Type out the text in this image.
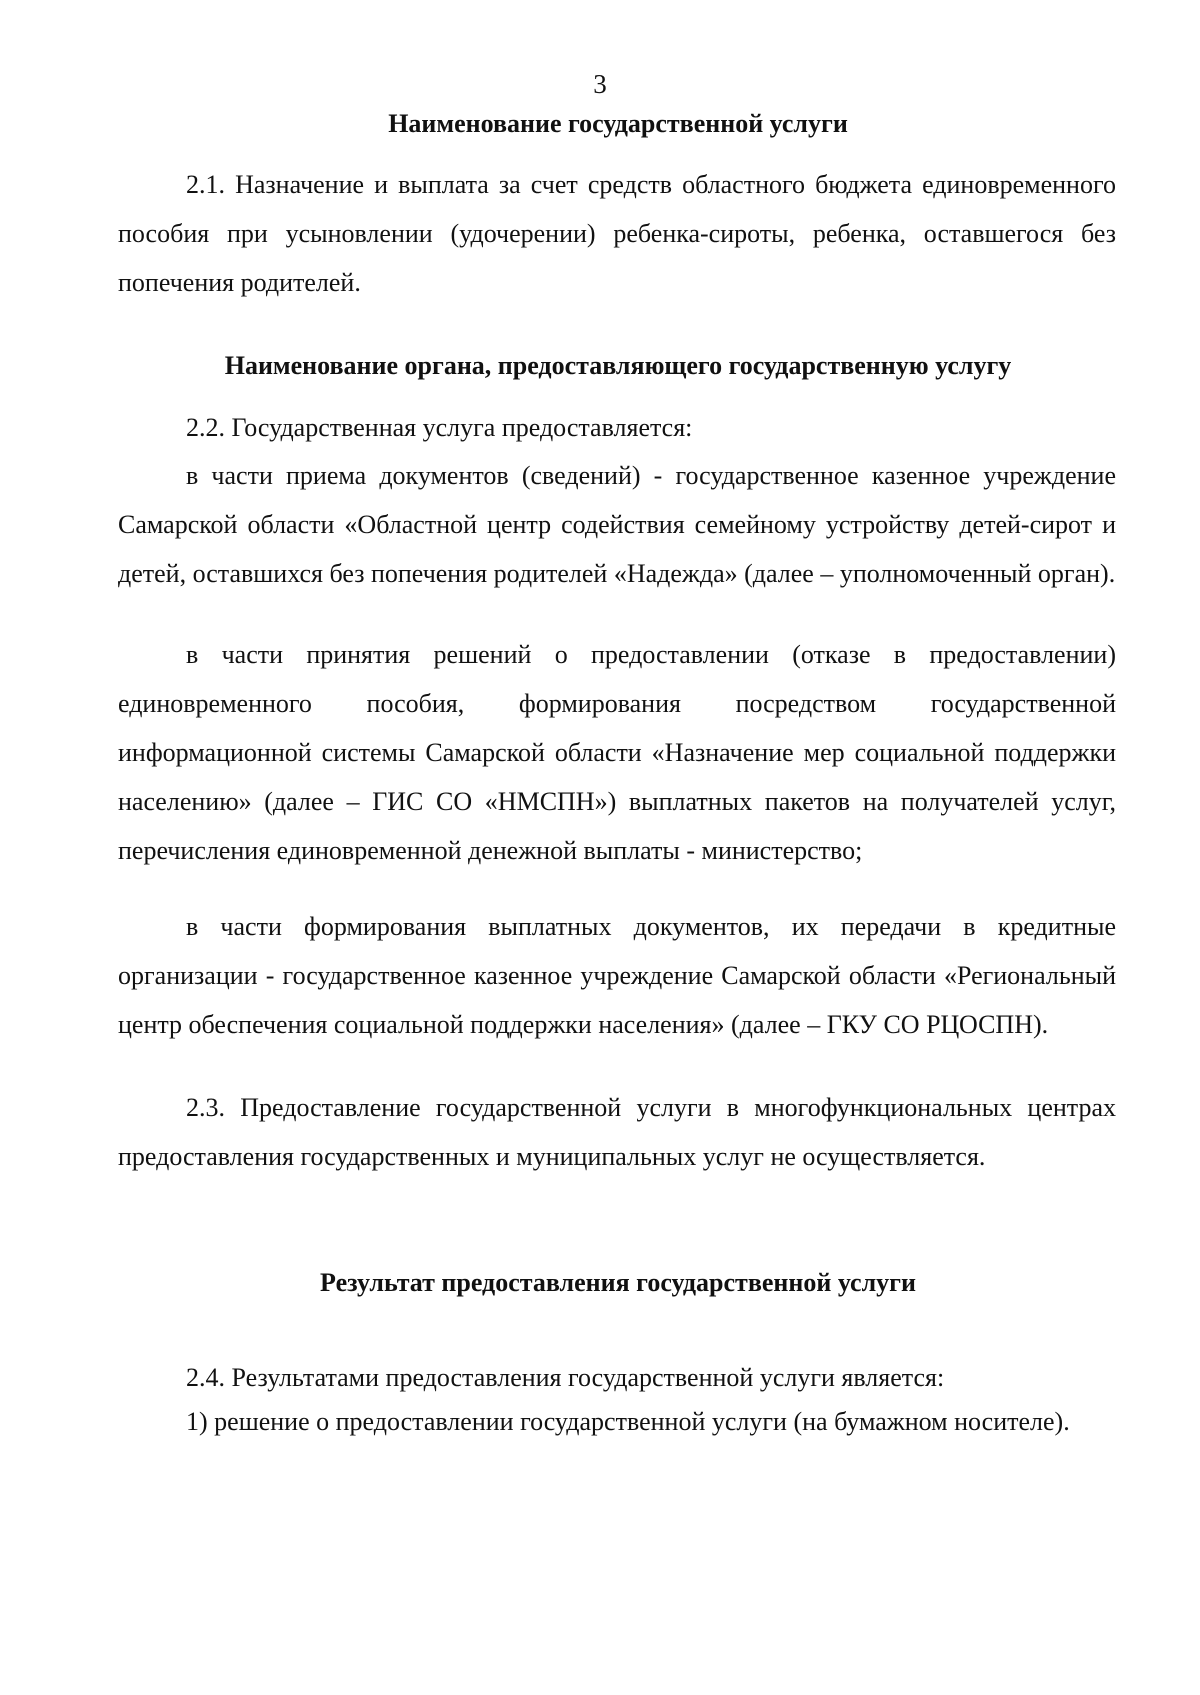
3
Наименование государственной услуги

2.1. Назначение и выплата за счет средств областного бюджета единовременного пособия при усыновлении (удочерении) ребенка-сироты, ребенка, оставшегося без попечения родителей.

Наименование органа, предоставляющего государственную услугу

2.2. Государственная услуга предоставляется:

в части приема документов (сведений) - государственное казенное учреждение Самарской области «Областной центр содействия семейному устройству детей-сирот и детей, оставшихся без попечения родителей «Надежда» (далее – уполномоченный орган).

в части принятия решений о предоставлении (отказе в предоставлении) единовременного пособия, формирования посредством государственной информационной системы Самарской области «Назначение мер социальной поддержки населению» (далее – ГИС СО «НМСПН») выплатных пакетов на получателей услуг, перечисления единовременной денежной выплаты - министерство;

в части формирования выплатных документов, их передачи в кредитные организации - государственное казенное учреждение Самарской области «Региональный центр обеспечения социальной поддержки населения» (далее – ГКУ СО РЦОСПН).

2.3. Предоставление государственной услуги в многофункциональных центрах предоставления государственных и муниципальных услуг не осуществляется.

Результат предоставления государственной услуги

2.4. Результатами предоставления государственной услуги является:

1) решение о предоставлении государственной услуги (на бумажном носителе).
